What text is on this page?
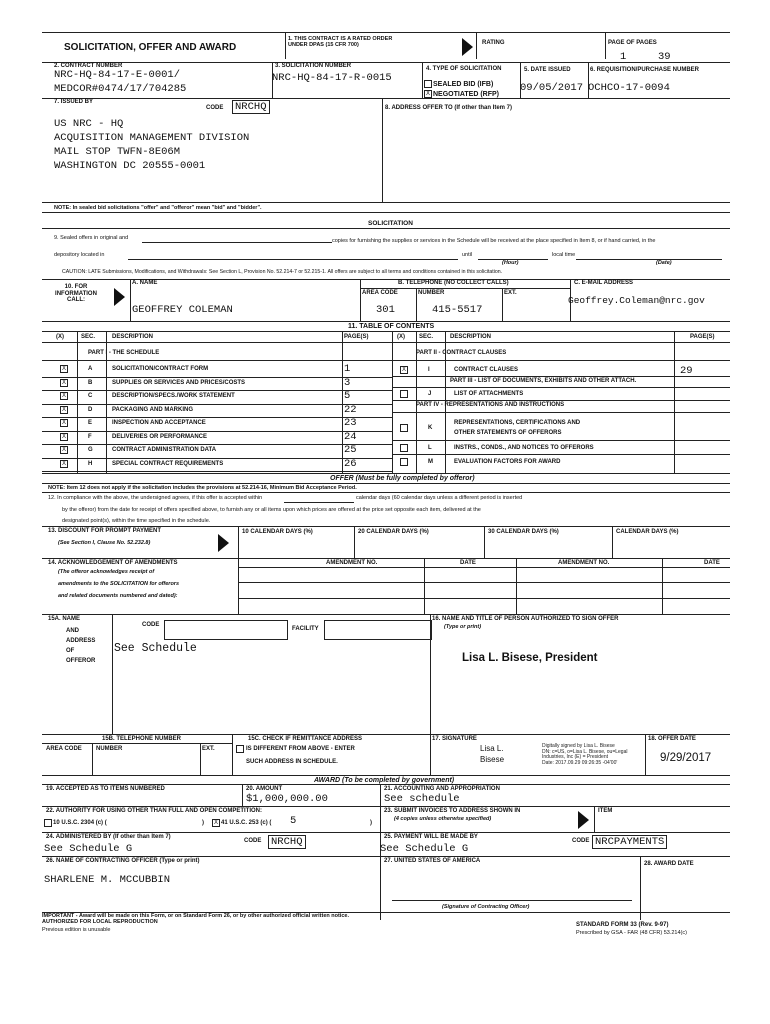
SOLICITATION, OFFER AND AWARD
1. THIS CONTRACT IS A RATED ORDER UNDER DPAS (15 CFR 700)	RATING	PAGE OF PAGES
1	39
2. CONTRACT NUMBER
NRC-HQ-84-17-E-0001/
MEDCOR#0474/17/704285
3. SOLICITATION NUMBER
NRC-HQ-84-17-R-0015
4. TYPE OF SOLICITATION
SEALED BID (IFB)
X NEGOTIATED (RFP)
5. DATE ISSUED
09/05/2017
6. REQUISITION/PURCHASE NUMBER
OCHCO-17-0094
7. ISSUED BY
CODE NRCHQ
US NRC - HQ
ACQUISITION MANAGEMENT DIVISION
MAIL STOP TWFN-8E06M
WASHINGTON DC 20555-0001
8. ADDRESS OFFER TO (If other than Item 7)
NOTE: In sealed bid solicitations "offer" and "offeror" mean "bid" and "bidder".
SOLICITATION
9. Sealed offers in original and	copies for furnishing the supplies or services in the Schedule will be received at the place specified in Item 8, or if hand carried, in the
depository located in	until	local time
(Hour)	(Date)
CAUTION: LATE Submissions, Modifications, and Withdrawals: See Section L, Provision No. 52.214-7 or 52.215-1. All offers are subject to all terms and conditions contained in this solicitation.
10. FOR INFORMATION CALL:
A. NAME
GEOFFREY COLEMAN
B. TELEPHONE (NO COLLECT CALLS)
AREA CODE	NUMBER	EXT.
301	415-5517
C. E-MAIL ADDRESS
Geoffrey.Coleman@nrc.gov
11. TABLE OF CONTENTS
(X)	SEC.	DESCRIPTION	PAGE(S)	(X) SEC.	DESCRIPTION	PAGE(S)
PART I - THE SCHEDULE	PART II - CONTRACT CLAUSES
X	A	SOLICITATION/CONTRACT FORM	1
X	B	SUPPLIES OR SERVICES AND PRICES/COSTS	3
X	C	DESCRIPTION/SPECS./WORK STATEMENT	5
X	D	PACKAGING AND MARKING	22
X	E	INSPECTION AND ACCEPTANCE	23
X	F	DELIVERIES OR PERFORMANCE	24
X	G	CONTRACT ADMINISTRATION DATA	25
X	H	SPECIAL CONTRACT REQUIREMENTS	26
X	I	CONTRACT CLAUSES	29
PART III - LIST OF DOCUMENTS, EXHIBITS AND OTHER ATTACH.
J	LIST OF ATTACHMENTS
PART IV - REPRESENTATIONS AND INSTRUCTIONS
K
REPRESENTATIONS, CERTIFICATIONS AND
OTHER STATEMENTS OF OFFERORS
L	INSTRS., CONDS., AND NOTICES TO OFFERORS
M	EVALUATION FACTORS FOR AWARD
OFFER (Must be fully completed by offeror)
NOTE: Item 12 does not apply if the solicitation includes the provisions at 52.214-16, Minimum Bid Acceptance Period.
12. In compliance with the above, the undersigned agrees, if this offer is accepted within	calendar days (60 calendar days unless a different period is inserted
by the offeror) from the date for receipt of offers specified above, to furnish any or all items upon which prices are offered at the price set opposite each item, delivered at the
designated point(s), within the time specified in the schedule.
13. DISCOUNT FOR PROMPT PAYMENT
(See Section I, Clause No. 52.232.8)
10 CALENDAR DAYS (%)	20 CALENDAR DAYS (%)	30 CALENDAR DAYS (%)	CALENDAR DAYS (%)
14. ACKNOWLEDGEMENT OF AMENDMENTS
(The offeror acknowledges receipt of
amendments to the SOLICITATION for offerors
and related documents numbered and dated):
AMENDMENT NO.	DATE	AMENDMENT NO.	DATE
15A. NAME
AND
ADDRESS
OF
OFFEROR
CODE
FACILITY
See Schedule
16. NAME AND TITLE OF PERSON AUTHORIZED TO SIGN OFFER
(Type or print)
Lisa L. Bisese, President
15B. TELEPHONE NUMBER
AREA CODE NUMBER	EXT.
15C. CHECK IF REMITTANCE ADDRESS
IS DIFFERENT FROM ABOVE - ENTER
SUCH ADDRESS IN SCHEDULE.
17. SIGNATURE
Lisa L.
Bisese
Digitally signed by Lisa L. Bisese
DN: c=US, o=Lisa L. Bisese, ou=Legal
Industries, Inc (E) = President
Date: 2017.09.29 09:26:35 -04'00'
18. OFFER DATE
9/29/2017
AWARD (To be completed by government)
19. ACCEPTED AS TO ITEMS NUMBERED	20. AMOUNT
$1,000,000.00
21. ACCOUNTING AND APPROPRIATION
See schedule
22. AUTHORITY FOR USING OTHER THAN FULL AND OPEN COMPETITION:
10 U.S.C. 2304 (c) (	)	X 41 U.S.C. 253 (c) ( 5	)
23. SUBMIT INVOICES TO ADDRESS SHOWN IN
(4 copies unless otherwise specified)
ITEM
24. ADMINISTERED BY (If other than Item 7)
CODE NRCHQ
See Schedule G
25. PAYMENT WILL BE MADE BY
CODE NRCPAYMENTS
See Schedule G
26. NAME OF CONTRACTING OFFICER (Type or print)
SHARLENE M. MCCUBBIN
27. UNITED STATES OF AMERICA	28. AWARD DATE
(Signature of Contracting Officer)
IMPORTANT - Award will be made on this Form, or on Standard Form 26, or by other authorized official written notice.
AUTHORIZED FOR LOCAL REPRODUCTION
Previous edition is unusable
STANDARD FORM 33 (Rev. 9-97)
Prescribed by GSA - FAR (48 CFR) 53.214(c)
